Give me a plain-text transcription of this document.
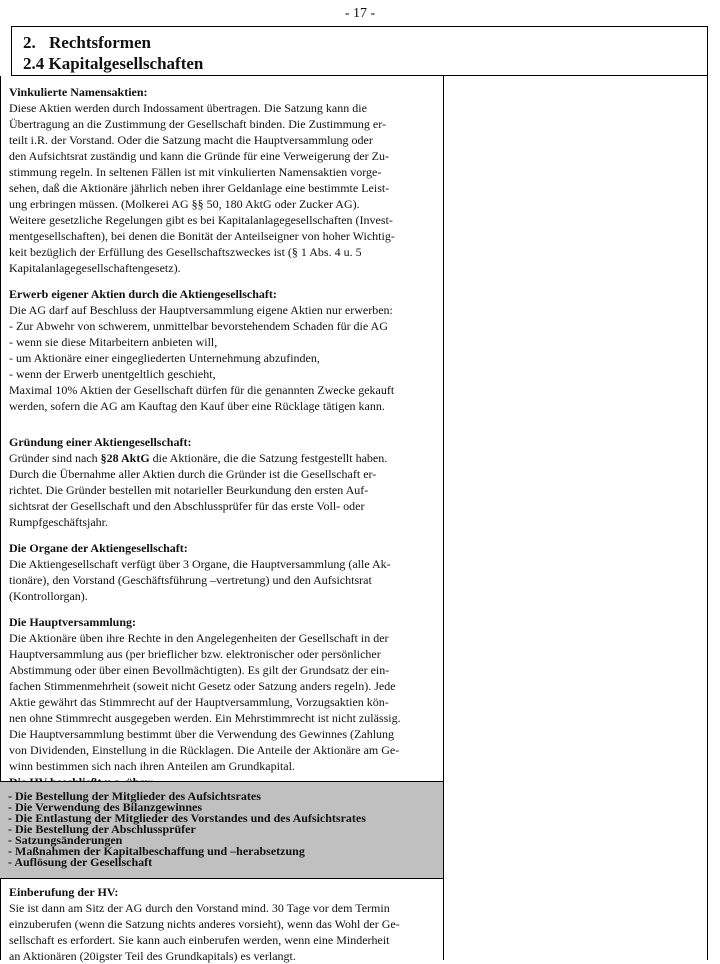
- 17 -
2. Rechtsformen
2.4 Kapitalgesellschaften
Vinkulierte Namensaktien:

Diese Aktien werden durch Indossament übertragen. Die Satzung kann die
Übertragung an die Zustimmung der Gesellschaft binden. Die Zustimmung er-
teilt i.R. der Vorstand. Oder die Satzung macht die Hauptversammlung oder
den Aufsichtsrat zuständig und kann die Gründe für eine Verweigerung der Zu-
stimmung regeln. In seltenen Fällen ist mit vinkulierten Namensaktien vorge-
sehen, daß die Aktionäre jährlich neben ihrer Geldanlage eine bestimmte Leist-
ung erbringen müssen. (Molkerei AG §§ 50, 180 AktG oder Zucker AG).
Weitere gesetzliche Regelungen gibt es bei Kapitalanlagegesellschaften (Invest-
mentgesellschaften), bei denen die Bonität der Anteilseigner von hoher Wichtig-
keit bezüglich der Erfüllung des Gesellschaftszweckes ist (§ 1 Abs. 4 u. 5
Kapitalanlagegesellschaftengesetz).

Erwerb eigener Aktien durch die Aktiengesellschaft:

Die AG darf auf Beschluss der Hauptversammlung eigene Aktien nur erwerben:
- Zur Abwehr von schwerem, unmittelbar bevorstehendem Schaden für die AG
- wenn sie diese Mitarbeitern anbieten will,
- um Aktionäre einer eingegliederten Unternehmung abzufinden,
- wenn der Erwerb unentgeltlich geschieht,
Maximal 10% Aktien der Gesellschaft dürfen für die genannten Zwecke gekauft
werden, sofern die AG am Kauftag den Kauf über eine Rücklage tätigen kann.

Gründung einer Aktiengesellschaft:

Gründer sind nach §28 AktG die Aktionäre, die die Satzung festgestellt haben.
Durch die Übernahme aller Aktien durch die Gründer ist die Gesellschaft er-
richtet. Die Gründer bestellen mit notarieller Beurkundung den ersten Auf-
sichtsrat der Gesellschaft und den Abschlussprüfer für das erste Voll- oder
Rumpfgeschäftsjahr.

Die Organe der Aktiengesellschaft:

Die Aktiengesellschaft verfügt über 3 Organe, die Hauptversammlung (alle Ak-
tionäre), den Vorstand (Geschäftsführung –vertretung) und den Aufsichtsrat
(Kontrollorgan).

Die Hauptversammlung:

Die Aktionäre üben ihre Rechte in den Angelegenheiten der Gesellschaft in der
Hauptversammlung aus (per brieflicher bzw. elektronischer oder persönlicher
Abstimmung oder über einen Bevollmächtigten). Es gilt der Grundsatz der ein-
fachen Stimmenmehrheit (soweit nicht Gesetz oder Satzung anders regeln). Jede
Aktie gewährt das Stimmrecht auf der Hauptversammlung, Vorzugsaktien kön-
nen ohne Stimmrecht ausgegeben werden. Ein Mehrstimmrecht ist nicht zulässig.
Die Hauptversammlung bestimmt über die Verwendung des Gewinnes (Zahlung
von Dividenden, Einstellung in die Rücklagen. Die Anteile der Aktionäre am Ge-
winn bestimmen sich nach ihren Anteilen am Grundkapital.

- Die Bestellung der Mitglieder des Aufsichtsrates
- Die Verwendung des Bilanzgewinnes
- Die Entlastung der Mitglieder des Vorstandes und des Aufsichtsrates
- Die Bestellung der Abschlussprüfer
- Satzungsänderungen
- Maßnahmen der Kapitalbeschaffung und –herabsetzung
- Auflösung der Gesellschaft
Einberufung der HV:
Sie ist dann am Sitz der AG durch den Vorstand mind. 30 Tage vor dem Termin
einzuberufen (wenn die Satzung nichts anderes vorsieht), wenn das Wohl der Ge-
sellschaft es erfordert. Sie kann auch einberufen werden, wenn eine Minderheit
an Aktionären (20igster Teil des Grundkapitals) es verlangt.
